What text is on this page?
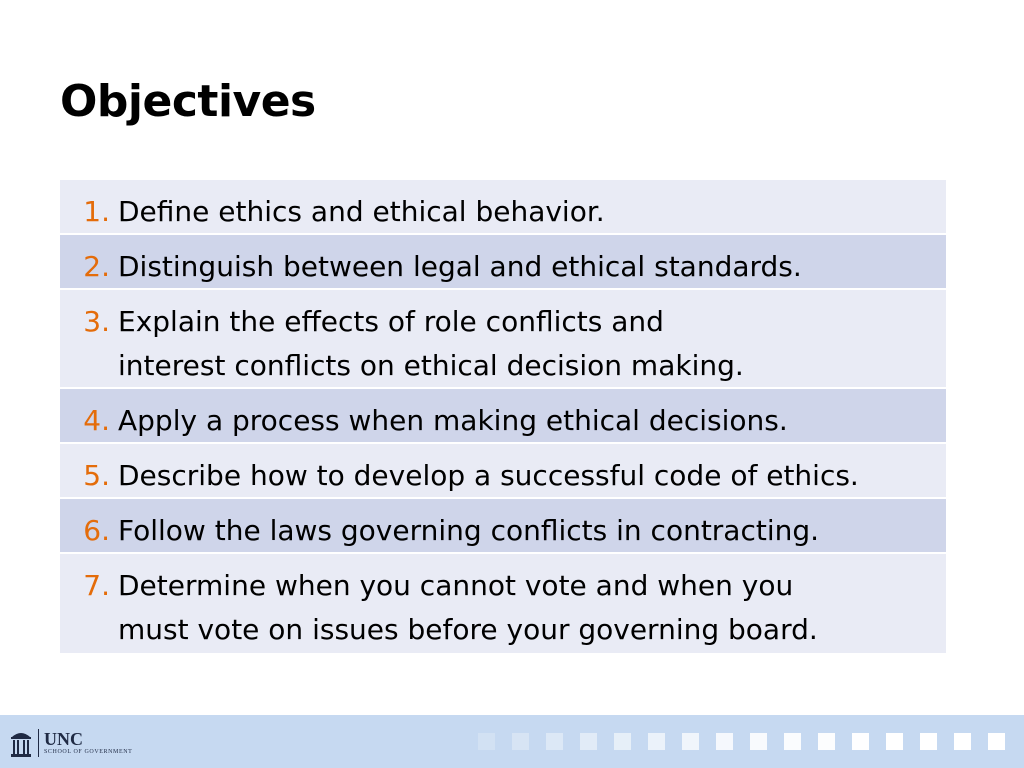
Objectives
1. Define ethics and ethical behavior.
2. Distinguish between legal and ethical standards.
3. Explain the effects of role conflicts and
interest conflicts on ethical decision making.
4. Apply a process when making ethical decisions.
5. Describe how to develop a successful code of ethics.
6. Follow the laws governing conflicts in contracting.
7. Determine when you cannot vote and when you
must vote on issues before your governing board.
UNC
SCHOOL OF GOVERNMENT
